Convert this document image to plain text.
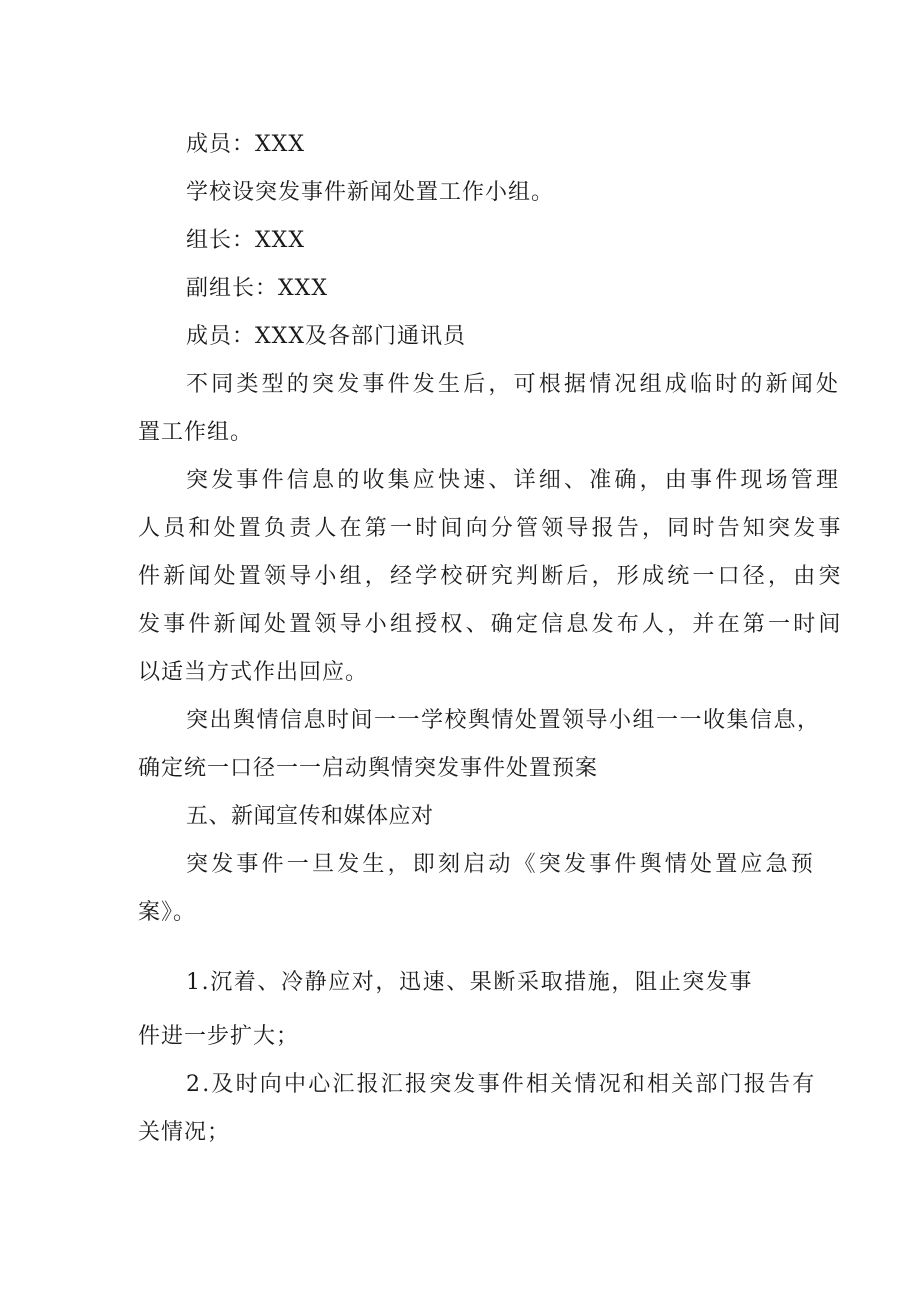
成员：XXX
学校设突发事件新闻处置工作小组。
组长：XXX
副组长：XXX
成员：XXX及各部门通讯员
不同类型的突发事件发生后，可根据情况组成临时的新闻处
置工作组。
突发事件信息的收集应快速、详细、准确，由事件现场管理
人员和处置负责人在第一时间向分管领导报告，同时告知突发事
件新闻处置领导小组，经学校研究判断后，形成统一口径，由突
发事件新闻处置领导小组授权、确定信息发布人，并在第一时间
以适当方式作出回应。
突出舆情信息时间一一学校舆情处置领导小组一一收集信息，
确定统一口径一一启动舆情突发事件处置预案
五、新闻宣传和媒体应对
突发事件一旦发生，即刻启动《突发事件舆情处置应急预
案》。
1.沉着、冷静应对，迅速、果断采取措施，阻止突发事
件进一步扩大；
2.及时向中心汇报汇报突发事件相关情况和相关部门报告有
关情况；
